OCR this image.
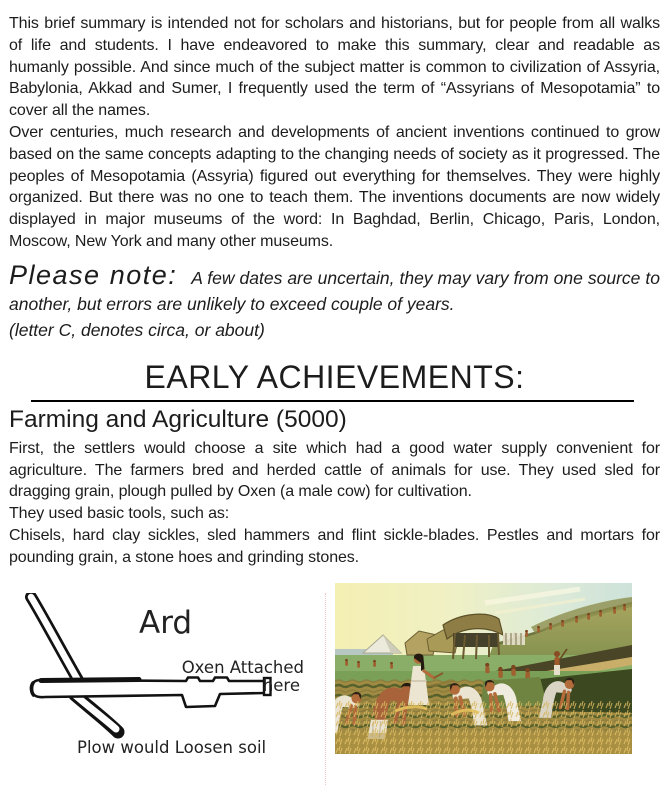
This brief summary is intended not for scholars and historians, but for people from all walks of life and students. I have endeavored to make this summary, clear and readable as humanly possible. And since much of the subject matter is common to civilization of Assyria, Babylonia, Akkad and Sumer, I frequently used the term of “Assyrians of Mesopotamia” to cover all the names.

Over centuries, much research and developments of ancient inventions continued to grow based on the same concepts adapting to the changing needs of society as it progressed. The peoples of Mesopotamia (Assyria) figured out everything for themselves. They were highly organized. But there was no one to teach them. The inventions documents are now widely displayed in major museums of the word: In Baghdad, Berlin, Chicago, Paris, London, Moscow, New York and many other museums.

Please note: A few dates are uncertain, they may vary from one source to another, but errors are unlikely to exceed couple of years.

(letter C, denotes circa, or about)

EARLY ACHIEVEMENTS:
Farming and Agriculture (5000)

First, the settlers would choose a site which had a good water supply convenient for agriculture. The farmers bred and herded cattle of animals for use. They used sled for dragging grain, plough pulled by Oxen (a male cow) for cultivation.

They used basic tools, such as:

Chisels, hard clay sickles, sled hammers and flint sickle-blades. Pestles and mortars for pounding grain, a stone hoes and grinding stones.

Ard
Oxen Attached
here
Plow would Loosen soil
